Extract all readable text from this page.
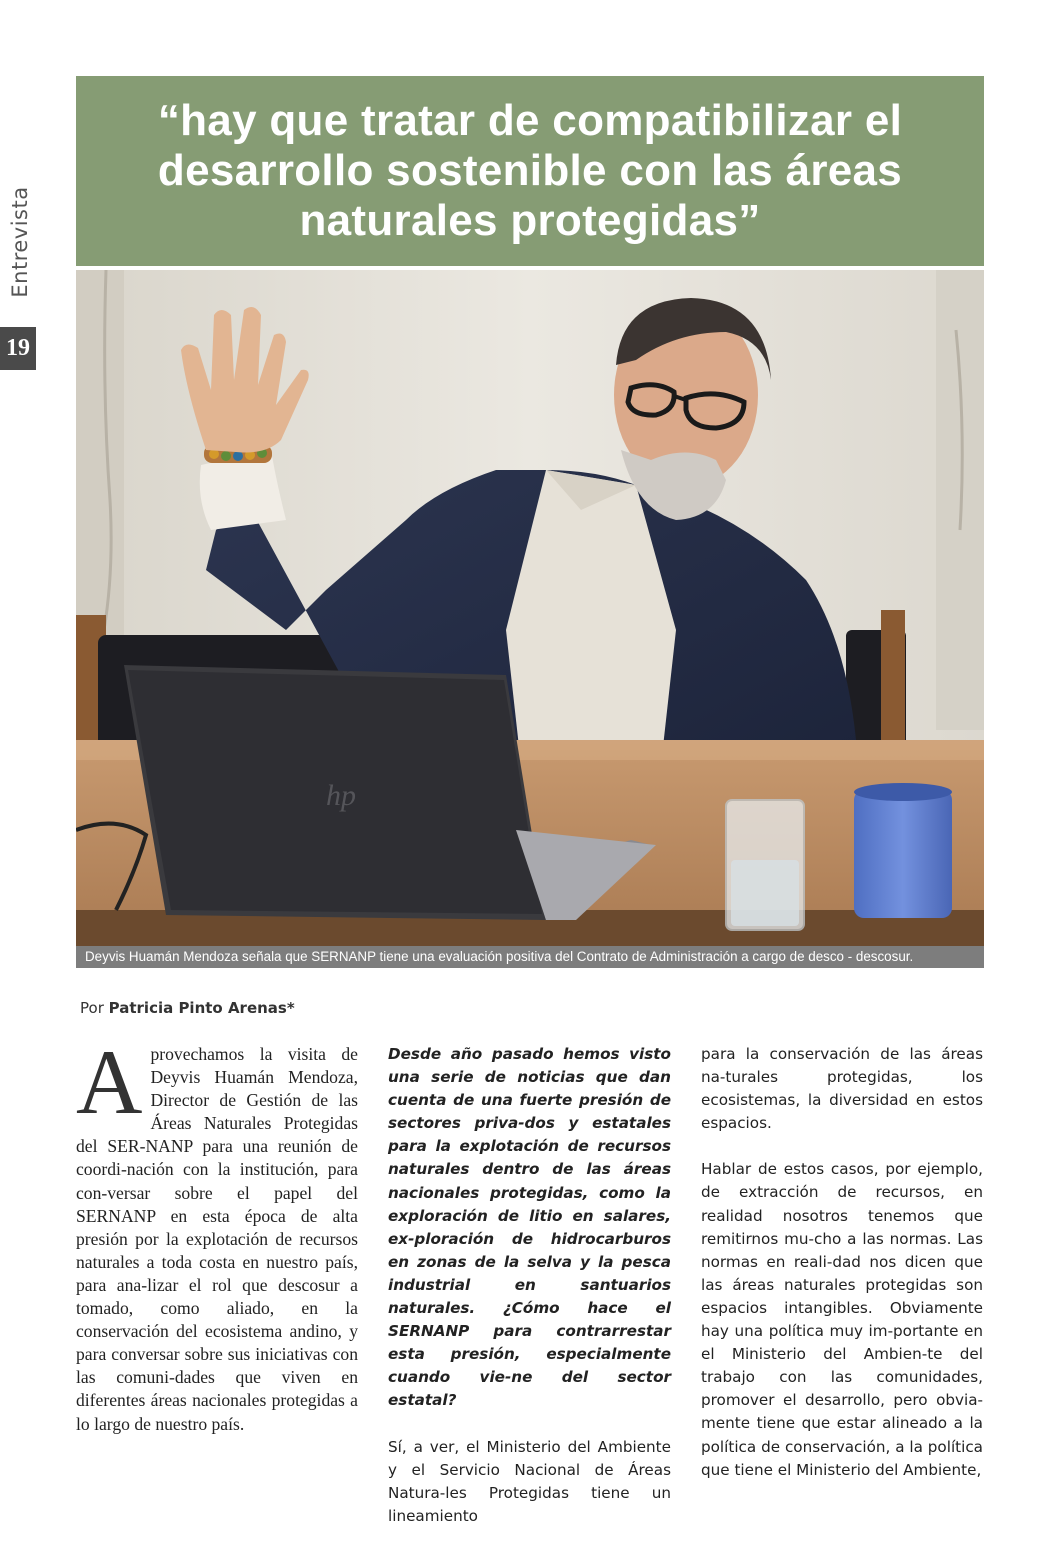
Entrevista
19
“hay que tratar de compatibilizar el desarrollo sostenible con las áreas naturales protegidas”
hp
Deyvis Huamán Mendoza señala que SERNANP tiene una evaluación positiva del Contrato de Administración a cargo de desco - descosur.
Por Patricia Pinto Arenas*
Aprovechamos la visita de Deyvis Huamán Mendoza, Director de Gestión de las Áreas Naturales Protegidas del SER-NANP para una reunión de coordi-nación con la institución, para con-versar sobre el papel del SERNANP en esta época de alta presión por la explotación de recursos naturales a toda costa en nuestro país, para ana-lizar el rol que descosur a tomado, como aliado, en la conservación del ecosistema andino, y para conversar sobre sus iniciativas con las comuni-dades que viven en diferentes áreas nacionales protegidas a lo largo de nuestro país.

Desde año pasado hemos visto una serie de noticias que dan cuenta de una fuerte presión de sectores priva-dos y estatales para la explotación de recursos naturales dentro de las áreas nacionales protegidas, como la exploración de litio en salares, ex-ploración de hidrocarburos en zonas de la selva y la pesca industrial en santuarios naturales. ¿Cómo hace el SERNANP para contrarrestar esta presión, especialmente cuando vie-ne del sector estatal?

Sí, a ver, el Ministerio del Ambiente y el Servicio Nacional de Áreas Natura-les Protegidas tiene un lineamiento

para la conservación de las áreas na-turales protegidas, los ecosistemas, la diversidad en estos espacios.

Hablar de estos casos, por ejemplo, de extracción de recursos, en realidad nosotros tenemos que remitirnos mu-cho a las normas. Las normas en reali-dad nos dicen que las áreas naturales protegidas son espacios intangibles. Obviamente hay una política muy im-portante en el Ministerio del Ambien-te del trabajo con las comunidades, promover el desarrollo, pero obvia-mente tiene que estar alineado a la política de conservación, a la política que tiene el Ministerio del Ambiente,
